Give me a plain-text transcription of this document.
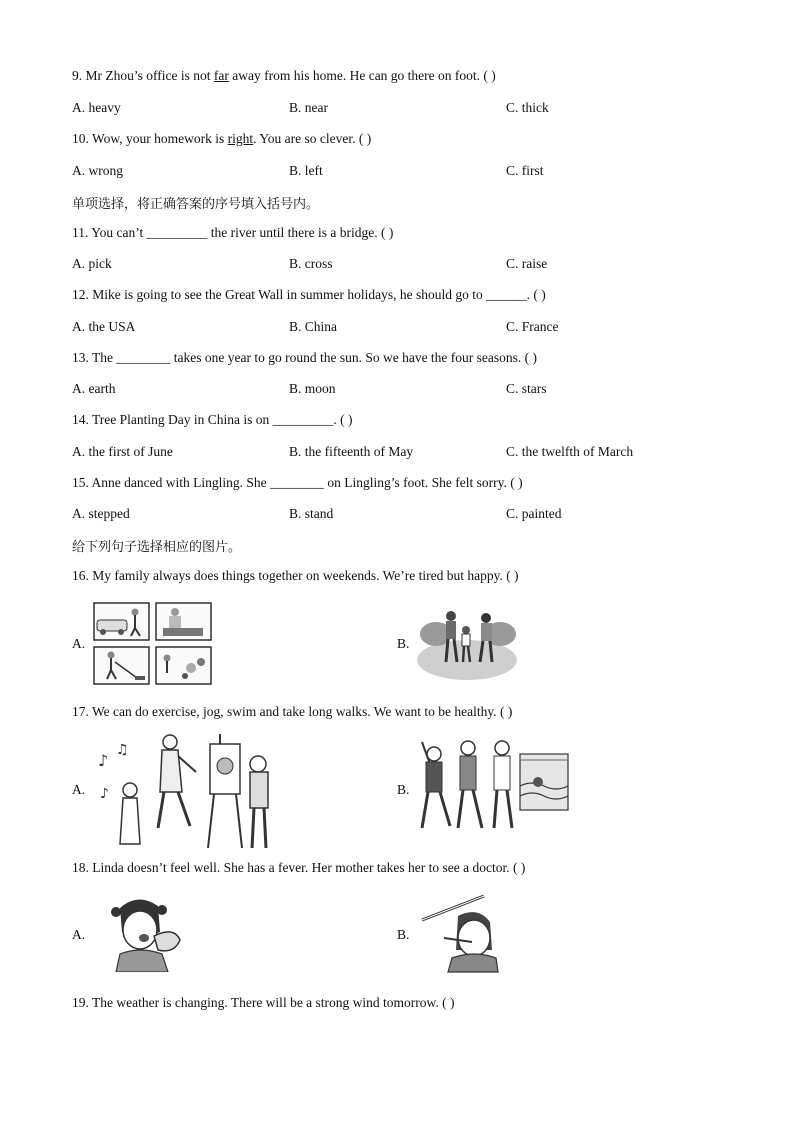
9. Mr Zhou’s office is not far away from his home. He can go there on foot. ( )
A. heavy	B. near	C. thick
10. Wow, your homework is right. You are so clever. ( )
A. wrong	B. left	C. first
单项选择，将正确答案的序号填入括号内。
11. You can’t _________ the river until there is a bridge. ( )
A. pick	B. cross	C. raise
12. Mike is going to see the Great Wall in summer holidays, he should go to ______. ( )
A. the USA	B. China	C. France
13. The ________ takes one year to go round the sun. So we have the four seasons. ( )
A. earth	B. moon	C. stars
14. Tree Planting Day in China is on _________. ( )
A. the first of June	B. the fifteenth of May	C. the twelfth of March
15. Anne danced with Lingling. She ________ on Lingling’s foot. She felt sorry. ( )
A. stepped	B. stand	C. painted
给下列句子选择相应的图片。
16. My family always does things together on weekends. We’re tired but happy. ( )
A.	B.
17. We can do exercise, jog, swim and take long walks. We want to be healthy. ( )
A.
♪
♫
♪	B.
18. Linda doesn’t feel well. She has a fever. Her mother takes her to see a doctor. ( )
A.	B.
19. The weather is changing. There will be a strong wind tomorrow. ( )
